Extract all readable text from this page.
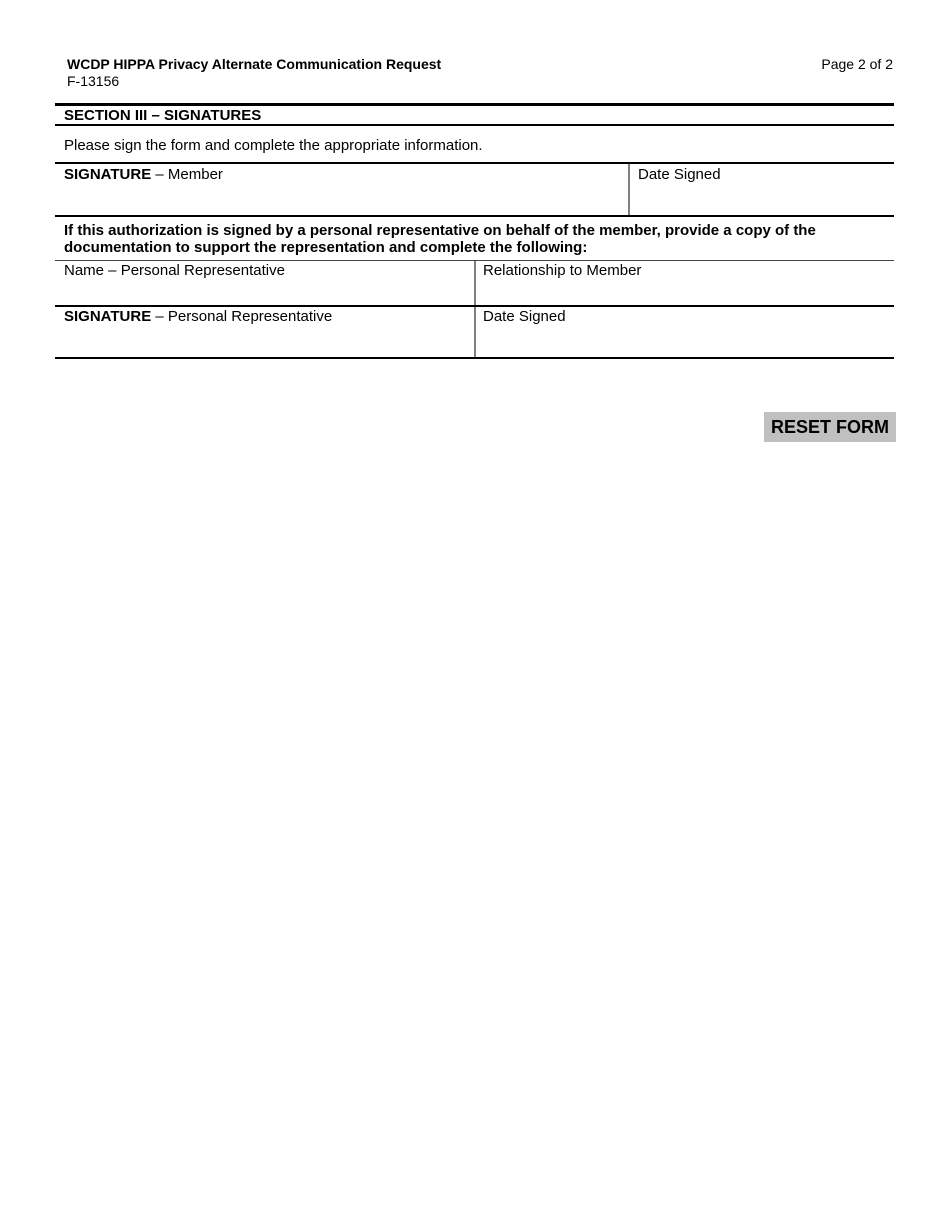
WCDP HIPPA Privacy Alternate Communication Request
F-13156
Page 2 of 2
SECTION III – SIGNATURES
Please sign the form and complete the appropriate information.
SIGNATURE – Member	Date Signed
If this authorization is signed by a personal representative on behalf of the member, provide a copy of the
documentation to support the representation and complete the following:
Name – Personal Representative	Relationship to Member
SIGNATURE – Personal Representative	Date Signed
RESET FORM
